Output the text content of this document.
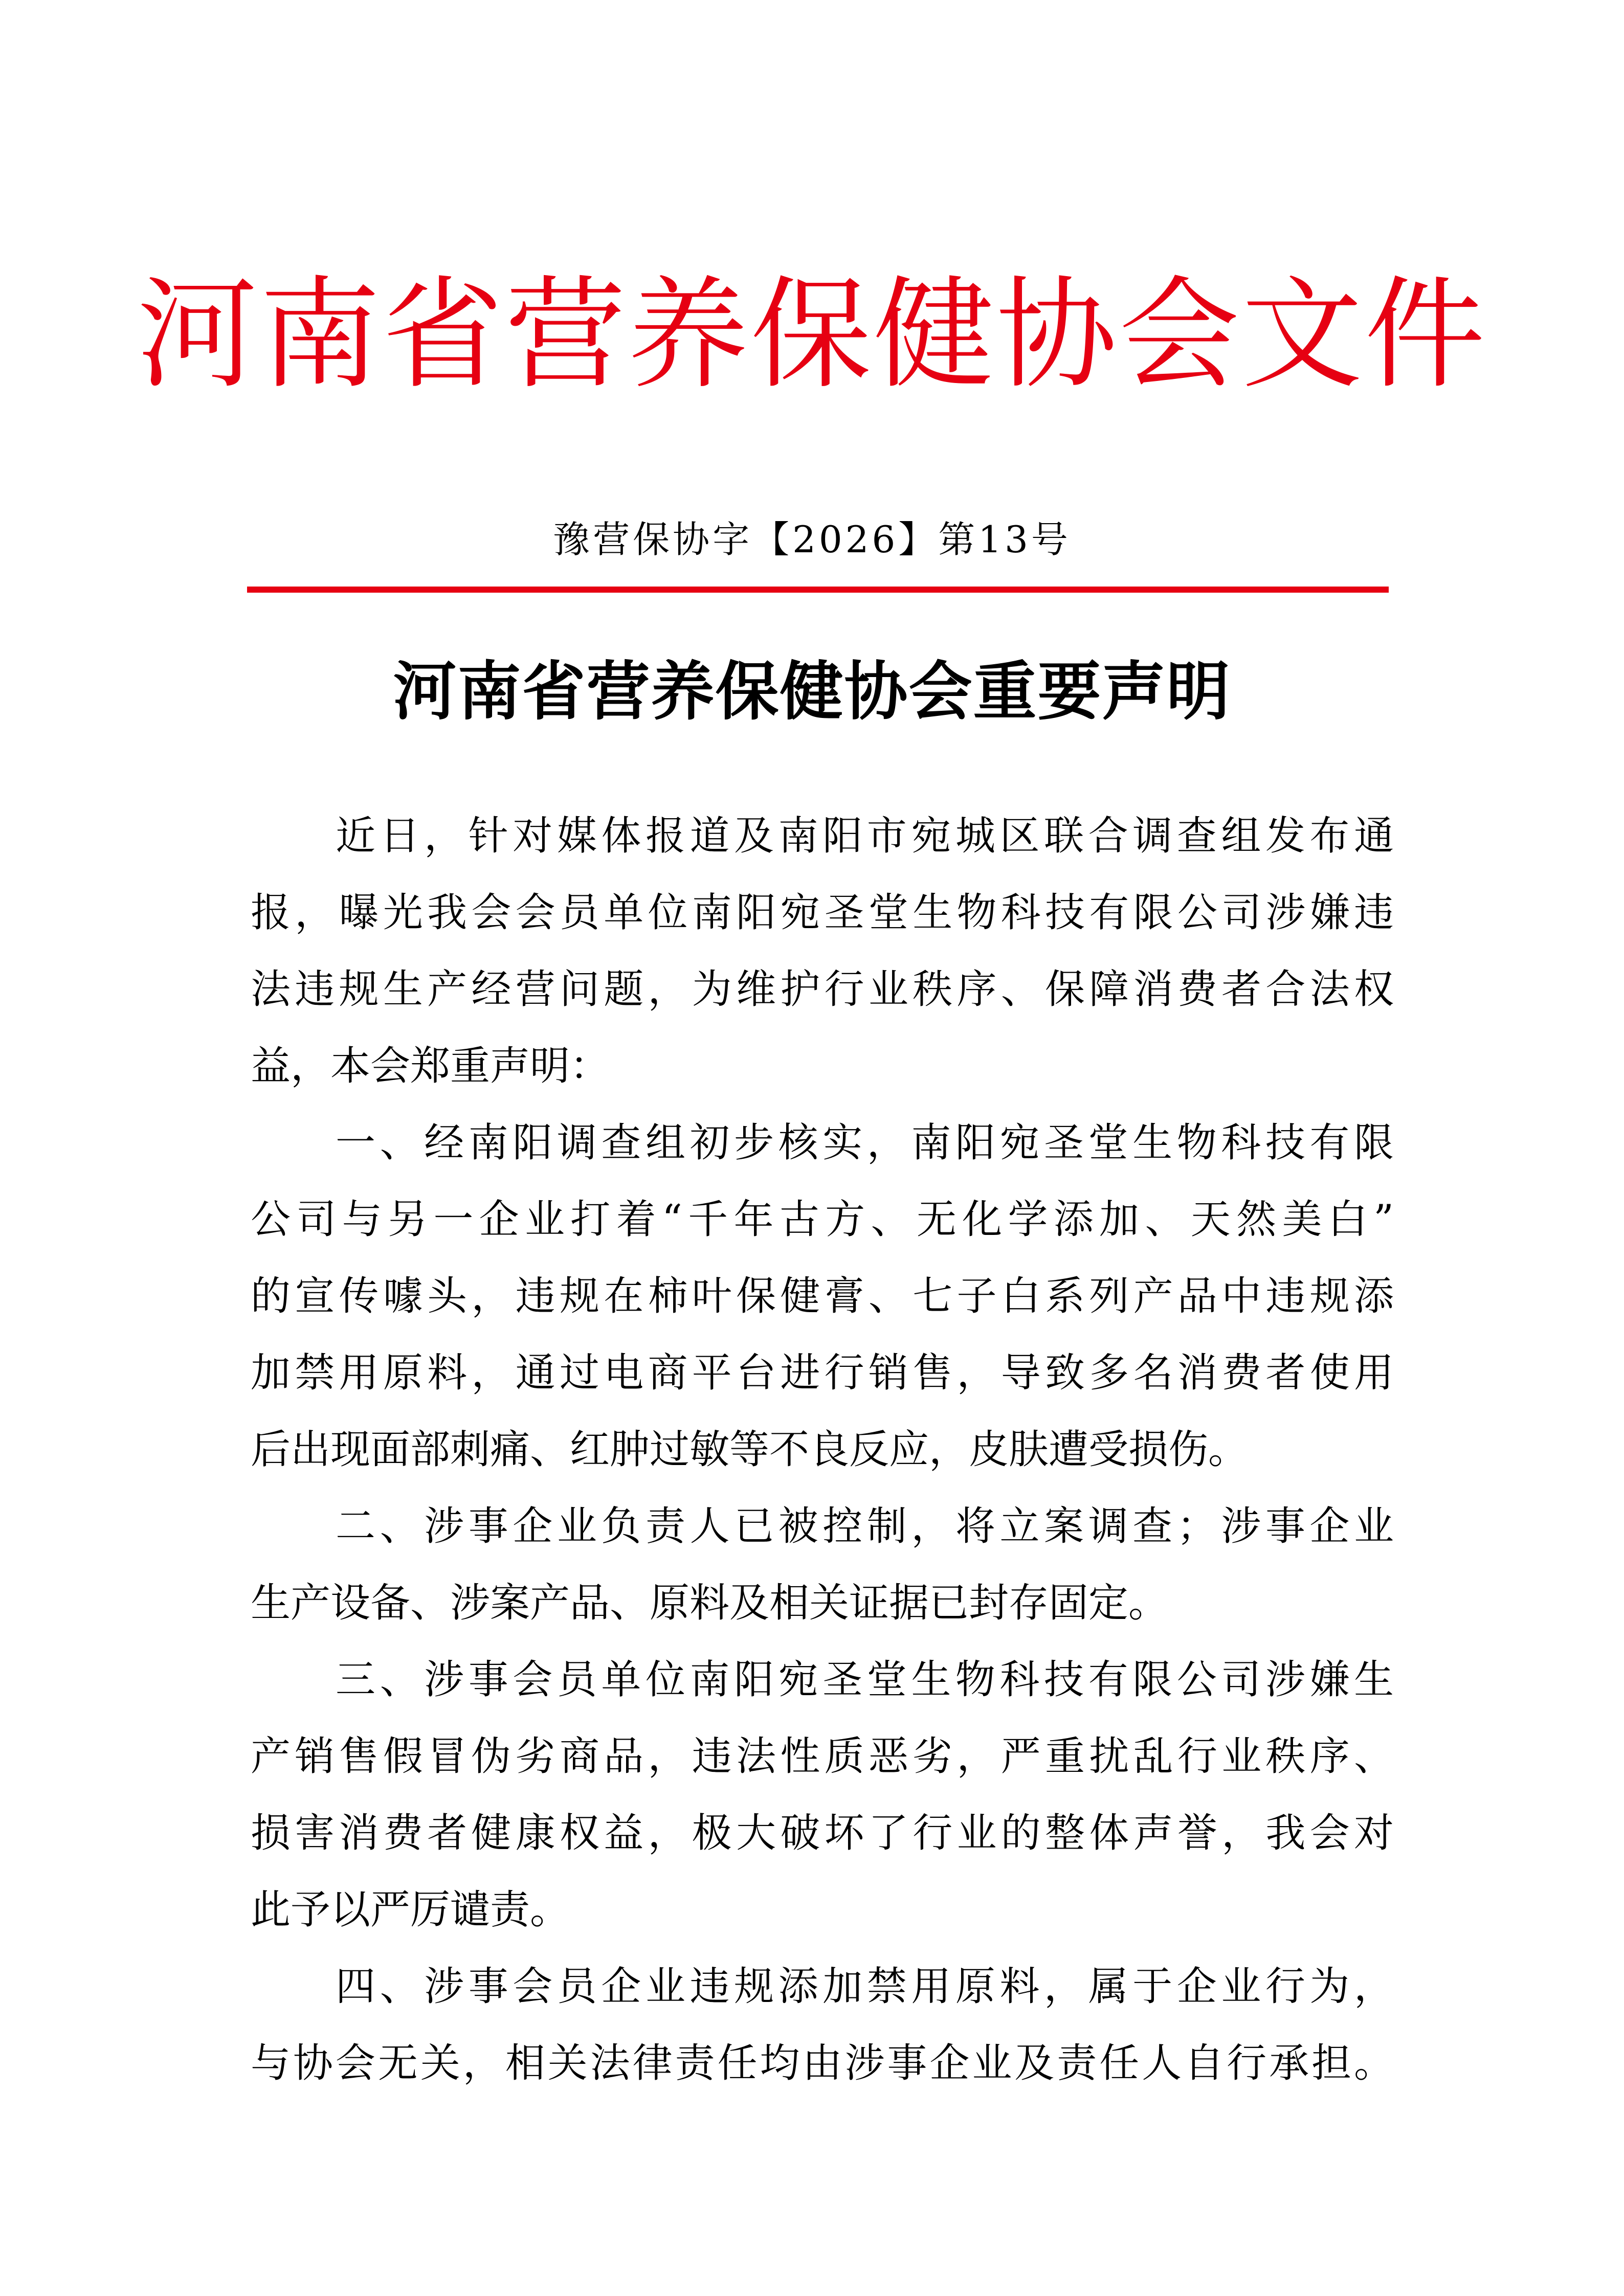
河南省营养保健协会文件
豫营保协字【2026】第13号
河南省营养保健协会重要声明
近日，针对媒体报道及南阳市宛城区联合调查组发布通
报，曝光我会会员单位南阳宛圣堂生物科技有限公司涉嫌违
法违规生产经营问题，为维护行业秩序、保障消费者合法权
益，本会郑重声明：
一、经南阳调查组初步核实，南阳宛圣堂生物科技有限
公司与另一企业打着“千年古方、无化学添加、天然美白”
的宣传噱头，违规在柿叶保健膏、七子白系列产品中违规添
加禁用原料，通过电商平台进行销售，导致多名消费者使用
后出现面部刺痛、红肿过敏等不良反应，皮肤遭受损伤。
二、涉事企业负责人已被控制，将立案调查；涉事企业
生产设备、涉案产品、原料及相关证据已封存固定。
三、涉事会员单位南阳宛圣堂生物科技有限公司涉嫌生
产销售假冒伪劣商品，违法性质恶劣，严重扰乱行业秩序、
损害消费者健康权益，极大破坏了行业的整体声誉，我会对
此予以严厉谴责。
四、涉事会员企业违规添加禁用原料，属于企业行为，
与协会无关，相关法律责任均由涉事企业及责任人自行承担。
